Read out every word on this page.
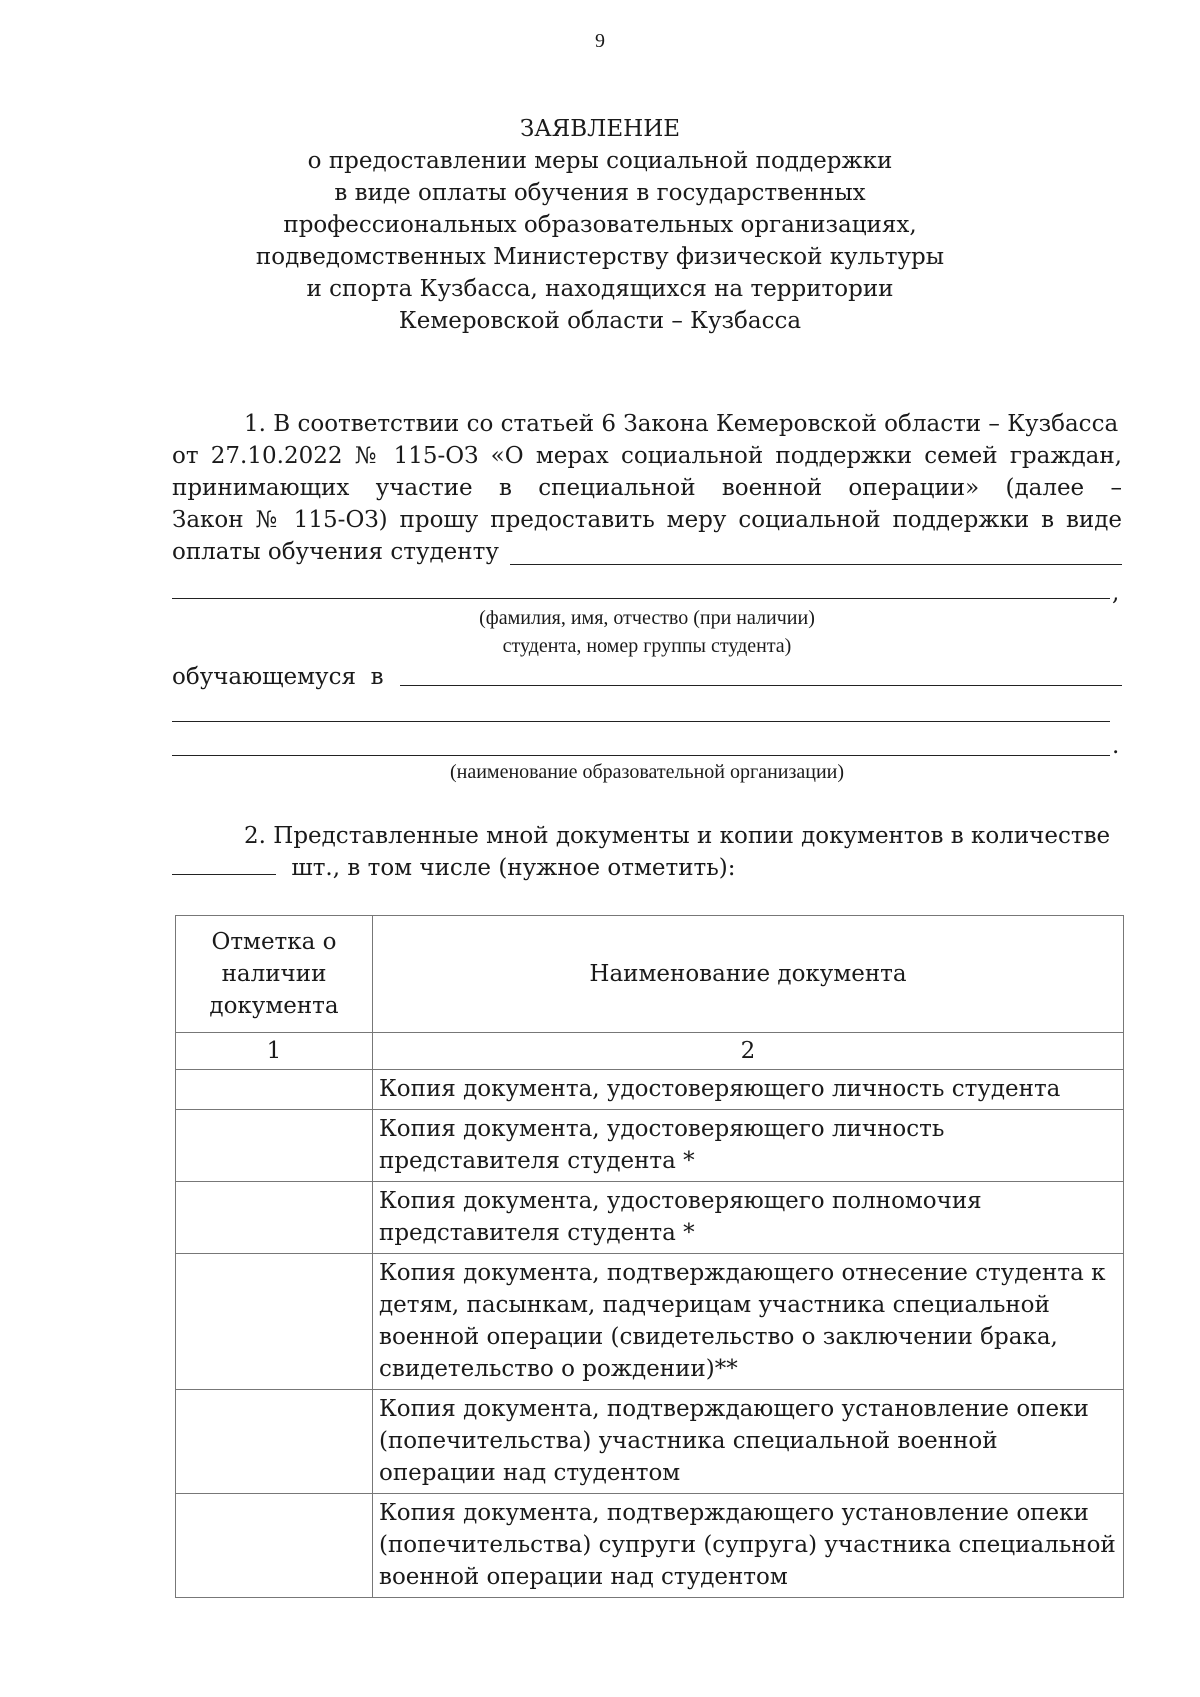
9
ЗАЯВЛЕНИЕ
о предоставлении меры социальной поддержки
в виде оплаты обучения в государственных
профессиональных образовательных организациях,
подведомственных Министерству физической культуры
и спорта Кузбасса, находящихся на территории
Кемеровской области – Кузбасса
1. В соответствии со статьей 6 Закона Кемеровской области – Кузбасса
от 27.10.2022 № 115-ОЗ «О мерах социальной поддержки семей граждан,
принимающих участие в специальной военной операции» (далее –
Закон № 115-ОЗ) прошу предоставить меру социальной поддержки в виде
оплаты обучения студенту
,
(фамилия, имя, отчество (при наличии)
студента, номер группы студента)
обучающемуся  в
.
(наименование образовательной организации)
2. Представленные мной документы и копии документов в количестве
шт., в том числе (нужное отметить):
Отметка о наличии документа	Наименование документа
1	2
	Копия документа, удостоверяющего личность студента
	Копия документа, удостоверяющего личность представителя студента *
	Копия документа, удостоверяющего полномочия представителя студента *
	Копия документа, подтверждающего отнесение студента к детям, пасынкам, падчерицам участника специальной военной операции (свидетельство о заключении брака, свидетельство о рождении)**
	Копия документа, подтверждающего установление опеки (попечительства) участника специальной военной операции над студентом
	Копия документа, подтверждающего установление опеки (попечительства) супруги (супруга) участника специальной военной операции над студентом
